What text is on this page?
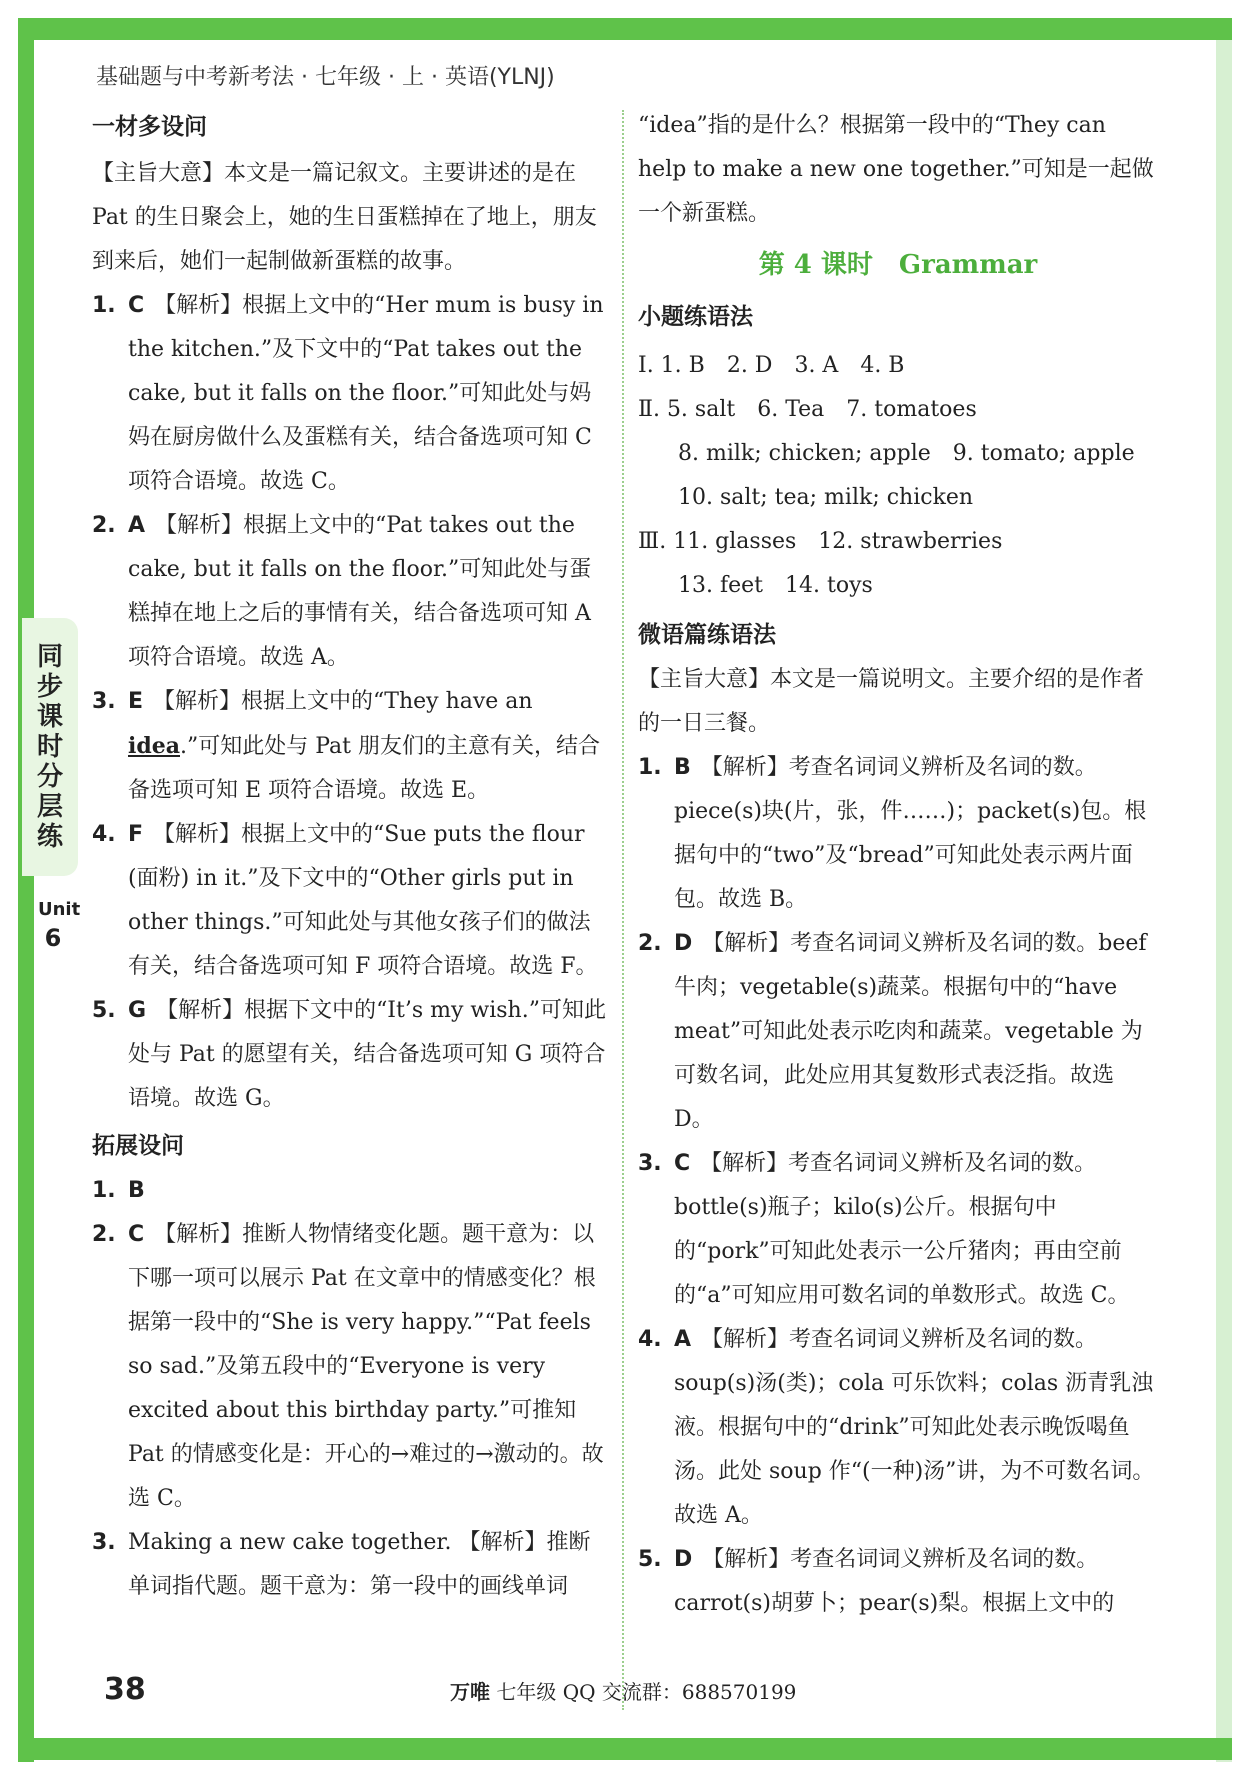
同
步
课
时
分
层
练
Unit
6
基础题与中考新考法 · 七年级 · 上 · 英语(YLNJ)

一材多设问

【主旨大意】本文是一篇记叙文。主要讲述的是在 Pat 的生日聚会上，她的生日蛋糕掉在了地上，朋友到来后，她们一起制做新蛋糕的故事。

1. C 【解析】根据上文中的“Her mum is busy in the kitchen.”及下文中的“Pat takes out the cake, but it falls on the floor.”可知此处与妈妈在厨房做什么及蛋糕有关，结合备选项可知 C 项符合语境。故选 C。
2. A 【解析】根据上文中的“Pat takes out the cake, but it falls on the floor.”可知此处与蛋糕掉在地上之后的事情有关，结合备选项可知 A 项符合语境。故选 A。
3. E 【解析】根据上文中的“They have an idea.”可知此处与 Pat 朋友们的主意有关，结合备选项可知 E 项符合语境。故选 E。
4. F 【解析】根据上文中的“Sue puts the flour (面粉) in it.”及下文中的“Other girls put in other things.”可知此处与其他女孩子们的做法有关，结合备选项可知 F 项符合语境。故选 F。
5. G 【解析】根据下文中的“It’s my wish.”可知此处与 Pat 的愿望有关，结合备选项可知 G 项符合语境。故选 G。

拓展设问

1. B
2. C 【解析】推断人物情绪变化题。题干意为：以下哪一项可以展示 Pat 在文章中的情感变化？根据第一段中的“She is very happy.”“Pat feels so sad.”及第五段中的“Everyone is very excited about this birthday party.”可推知 Pat 的情感变化是：开心的→难过的→激动的。故选 C。
3. Making a new cake together. 【解析】推断单词指代题。题干意为：第一段中的画线单词

“idea”指的是什么？根据第一段中的“They can help to make a new one together.”可知是一起做一个新蛋糕。

第 4 课时　Grammar

小题练语法

Ⅰ. 1. B　2. D　3. A　4. B
Ⅱ. 5. salt　6. Tea　7. tomatoes
8. milk; chicken; apple　9. tomato; apple
10. salt; tea; milk; chicken
Ⅲ. 11. glasses　12. strawberries
13. feet　14. toys

微语篇练语法

【主旨大意】本文是一篇说明文。主要介绍的是作者的一日三餐。

1. B 【解析】考查名词词义辨析及名词的数。piece(s)块(片，张，件……)；packet(s)包。根据句中的“two”及“bread”可知此处表示两片面包。故选 B。
2. D 【解析】考查名词词义辨析及名词的数。beef 牛肉；vegetable(s)蔬菜。根据句中的“have meat”可知此处表示吃肉和蔬菜。vegetable 为可数名词，此处应用其复数形式表泛指。故选 D。
3. C 【解析】考查名词词义辨析及名词的数。bottle(s)瓶子；kilo(s)公斤。根据句中的“pork”可知此处表示一公斤猪肉；再由空前的“a”可知应用可数名词的单数形式。故选 C。
4. A 【解析】考查名词词义辨析及名词的数。soup(s)汤(类)；cola 可乐饮料；colas 沥青乳浊液。根据句中的“drink”可知此处表示晚饭喝鱼汤。此处 soup 作“(一种)汤”讲，为不可数名词。故选 A。
5. D 【解析】考查名词词义辨析及名词的数。carrot(s)胡萝卜；pear(s)梨。根据上文中的
38	万唯 七年级 QQ 交流群：688570199
